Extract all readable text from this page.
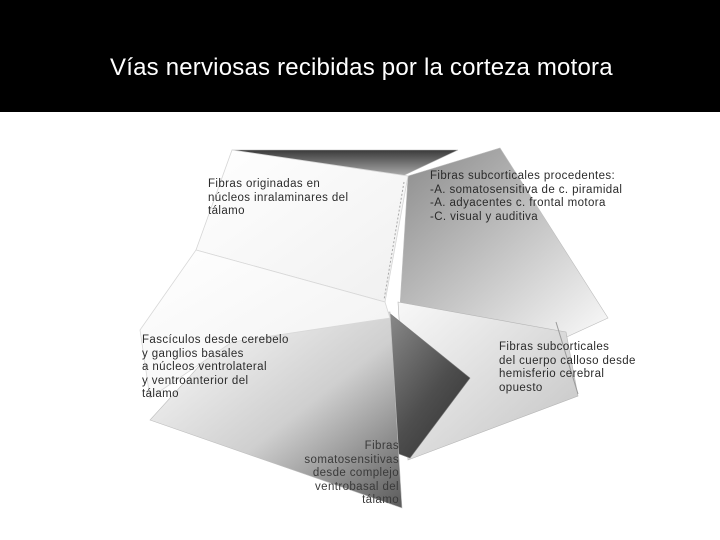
Vías nerviosas recibidas por la corteza motora
Fibras originadas en
núcleos inralaminares del
tálamo
Fibras subcorticales procedentes:
-A. somatosensitiva de c. piramidal
-A. adyacentes c. frontal motora
-C. visual y auditiva
Fascículos desde cerebelo
y ganglios basales
a núcleos ventrolateral
y ventroanterior del
tálamo
Fibras subcorticales
del cuerpo calloso desde
hemisferio cerebral
opuesto
Fibras
somatosensitivas
desde complejo
ventrobasal del
tálamo
